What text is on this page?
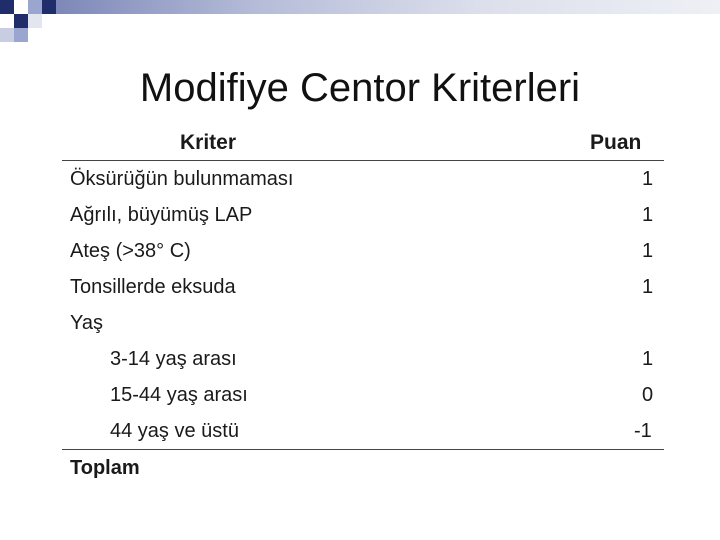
Modifiye Centor Kriterleri
Kriter	Puan
Öksürüğün bulunmaması	1
Ağrılı, büyümüş LAP	1
Ateş (>38° C)	1
Tonsillerde eksuda	1
Yaş	
3-14 yaş arası	1
15-44 yaş arası	0
44 yaş ve üstü	-1
Toplam	
